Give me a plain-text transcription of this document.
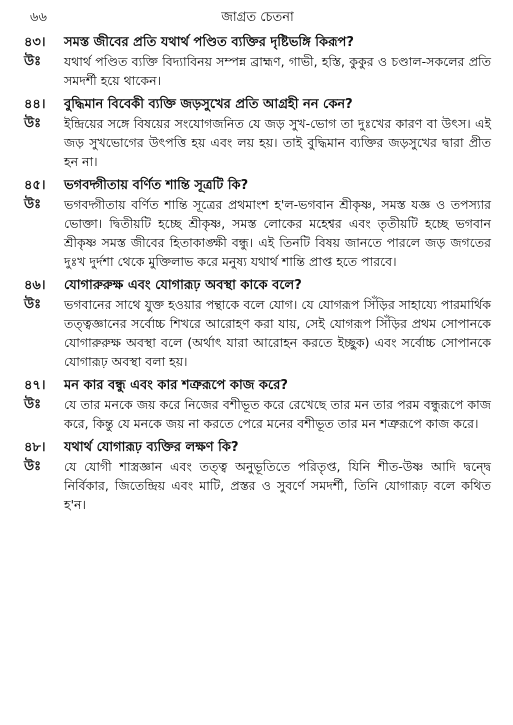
৬৬	জাগ্রত চেতনা
৪৩।	সমস্ত জীবের প্রতি যথার্থ পণ্ডিত ব্যক্তির দৃষ্টিভঙ্গি কিরূপ?
উঃ	যথার্থ পণ্ডিত ব্যক্তি বিদ্যাবিনয় সম্পন্ন ব্রাহ্মণ, গাভী, হস্তি, কুকুর ও চণ্ডাল-সকলের প্রতি সমদর্শী হয়ে থাকেন।
৪৪।	বুদ্ধিমান বিবেকী ব্যক্তি জড়সুখের প্রতি আগ্রহী নন কেন?
উঃ	ইন্দ্রিয়ের সঙ্গে বিষয়ের সংযোগজনিত যে জড় সুখ-ভোগ তা দুঃখের কারণ বা উৎস। এই জড় সুখভোগের উৎপত্তি হয় এবং লয় হয়। তাই বুদ্ধিমান ব্যক্তির জড়সুখের দ্বারা প্রীত হন না।
৪৫।	ভগবদ্গীতায় বর্ণিত শান্তি সূত্রটি কি?
উঃ	ভগবদ্গীতায় বর্ণিত শান্তি সূত্রের প্রথমাংশ হ'ল-ভগবান শ্রীকৃষ্ণ, সমস্ত যজ্ঞ ও তপস্যার ভোক্তা। দ্বিতীয়টি হচ্ছে শ্রীকৃষ্ণ, সমস্ত লোকের মহেশ্বর এবং তৃতীয়টি হচ্ছে ভগবান শ্রীকৃষ্ণ সমস্ত জীবের হিতাকাঙ্ক্ষী বন্ধু। এই তিনটি বিষয় জানতে পারলে জড় জগতের দুঃখ দুর্দশা থেকে মুক্তিলাভ করে মনুষ্য যথার্থ শান্তি প্রাপ্ত হতে পারবে।
৪৬।	যোগারুরুক্ষ এবং যোগারূঢ় অবস্থা কাকে বলে?
উঃ	ভগবানের সাথে যুক্ত হওয়ার পন্থাকে বলে যোগ। যে যোগরূপ সিঁড়ির সাহায্যে পারমার্থিক তত্ত্বজ্ঞানের সর্বোচ্চ শিখরে আরোহণ করা যায়, সেই যোগরূপ সিঁড়ির প্রথম সোপানকে যোগারুরুক্ষ অবস্থা বলে (অর্থাৎ যারা আরোহন করতে ইচ্ছুক) এবং সর্বোচ্চ সোপানকে যোগারূঢ় অবস্থা বলা হয়।
৪৭।	মন কার বন্ধু এবং কার শত্রুরূপে কাজ করে?
উঃ	যে তার মনকে জয় করে নিজের বশীভূত করে রেখেছে তার মন তার পরম বন্ধুরূপে কাজ করে, কিন্তু যে মনকে জয় না করতে পেরে মনের বশীভূত তার মন শত্রুরূপে কাজ করে।
৪৮।	যথার্থ যোগারূঢ় ব্যক্তির লক্ষণ কি?
উঃ	যে যোগী শাস্ত্রজ্ঞান এবং তত্ত্ব অনুভূতিতে পরিতৃপ্ত, যিনি শীত-উষ্ণ আদি দ্বন্দ্বে নির্বিকার, জিতেন্দ্রিয় এবং মাটি, প্রস্তর ও সুবর্ণে সমদর্শী, তিনি যোগারূঢ় বলে কথিত হ'ন।
